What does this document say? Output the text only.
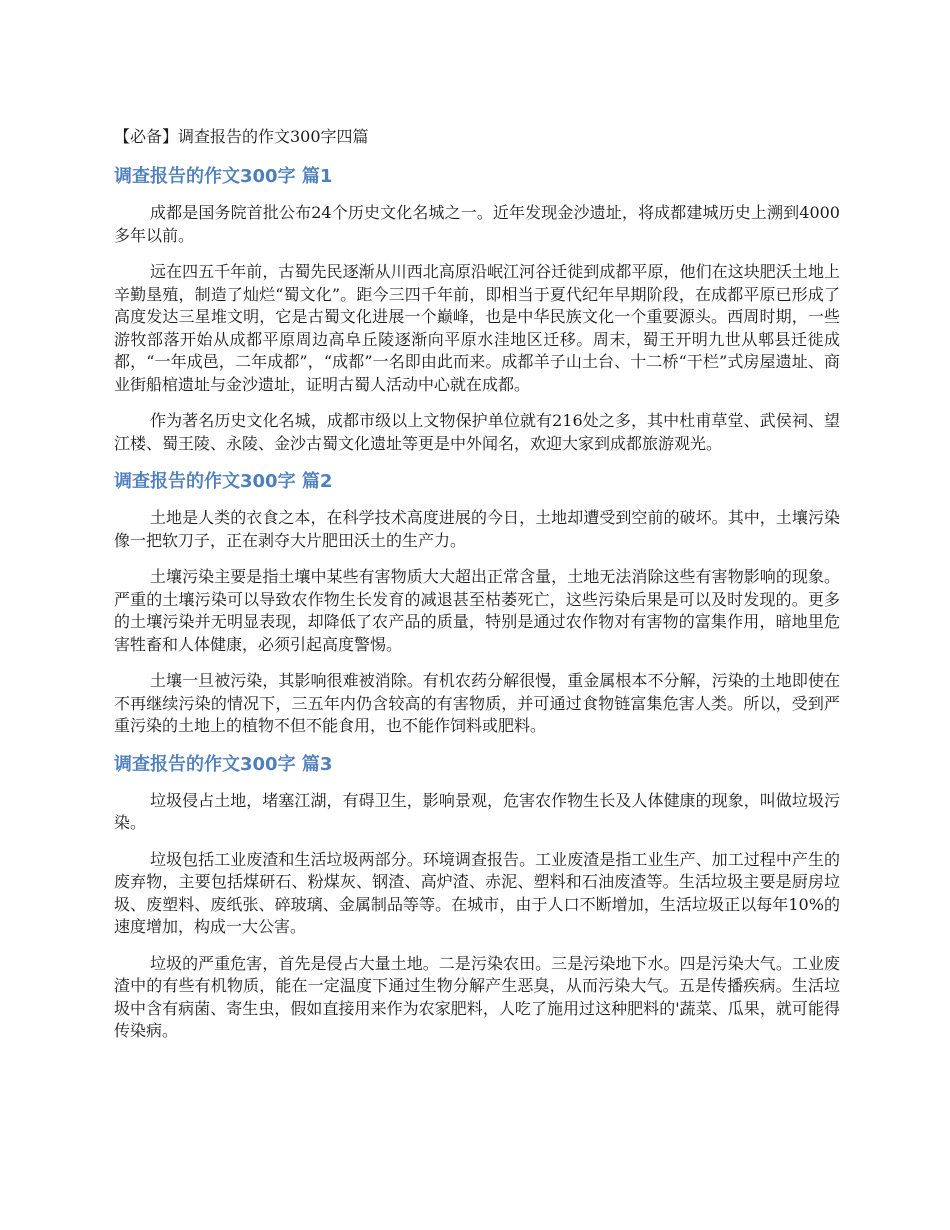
【必备】调查报告的作文300字四篇
调查报告的作文300字 篇1

成都是国务院首批公布24个历史文化名城之一。近年发现金沙遗址，将成都建城历史上溯到4000多年以前。

远在四五千年前，古蜀先民逐渐从川西北高原沿岷江河谷迁徙到成都平原，他们在这块肥沃土地上辛勤垦殖，制造了灿烂“蜀文化”。距今三四千年前，即相当于夏代纪年早期阶段，在成都平原已形成了高度发达三星堆文明，它是古蜀文化进展一个巅峰，也是中华民族文化一个重要源头。西周时期，一些游牧部落开始从成都平原周边高阜丘陵逐渐向平原水洼地区迁移。周末，蜀王开明九世从郫县迁徙成都，“一年成邑，二年成都”，“成都”一名即由此而来。成都羊子山土台、十二桥“干栏”式房屋遗址、商业街船棺遗址与金沙遗址，证明古蜀人活动中心就在成都。

作为著名历史文化名城，成都市级以上文物保护单位就有216处之多，其中杜甫草堂、武侯祠、望江楼、蜀王陵、永陵、金沙古蜀文化遗址等更是中外闻名，欢迎大家到成都旅游观光。

调查报告的作文300字 篇2

土地是人类的衣食之本，在科学技术高度进展的今日，土地却遭受到空前的破坏。其中，土壤污染像一把软刀子，正在剥夺大片肥田沃土的生产力。

土壤污染主要是指土壤中某些有害物质大大超出正常含量，土地无法消除这些有害物影响的现象。严重的土壤污染可以导致农作物生长发育的减退甚至枯萎死亡，这些污染后果是可以及时发现的。更多的土壤污染并无明显表现，却降低了农产品的质量，特别是通过农作物对有害物的富集作用，暗地里危害牲畜和人体健康，必须引起高度警惕。

土壤一旦被污染，其影响很难被消除。有机农药分解很慢，重金属根本不分解，污染的土地即使在不再继续污染的情况下，三五年内仍含较高的有害物质，并可通过食物链富集危害人类。所以，受到严重污染的土地上的植物不但不能食用，也不能作饲料或肥料。

调查报告的作文300字 篇3

垃圾侵占土地，堵塞江湖，有碍卫生，影响景观，危害农作物生长及人体健康的现象，叫做垃圾污染。

垃圾包括工业废渣和生活垃圾两部分。环境调查报告。工业废渣是指工业生产、加工过程中产生的废弃物，主要包括煤研石、粉煤灰、钢渣、高炉渣、赤泥、塑料和石油废渣等。生活垃圾主要是厨房垃圾、废塑料、废纸张、碎玻璃、金属制品等等。在城市，由于人口不断增加，生活垃圾正以每年10%的速度增加，构成一大公害。

垃圾的严重危害，首先是侵占大量土地。二是污染农田。三是污染地下水。四是污染大气。工业废渣中的有些有机物质，能在一定温度下通过生物分解产生恶臭，从而污染大气。五是传播疾病。生活垃圾中含有病菌、寄生虫，假如直接用来作为农家肥料，人吃了施用过这种肥料的'蔬菜、瓜果，就可能得传染病。
